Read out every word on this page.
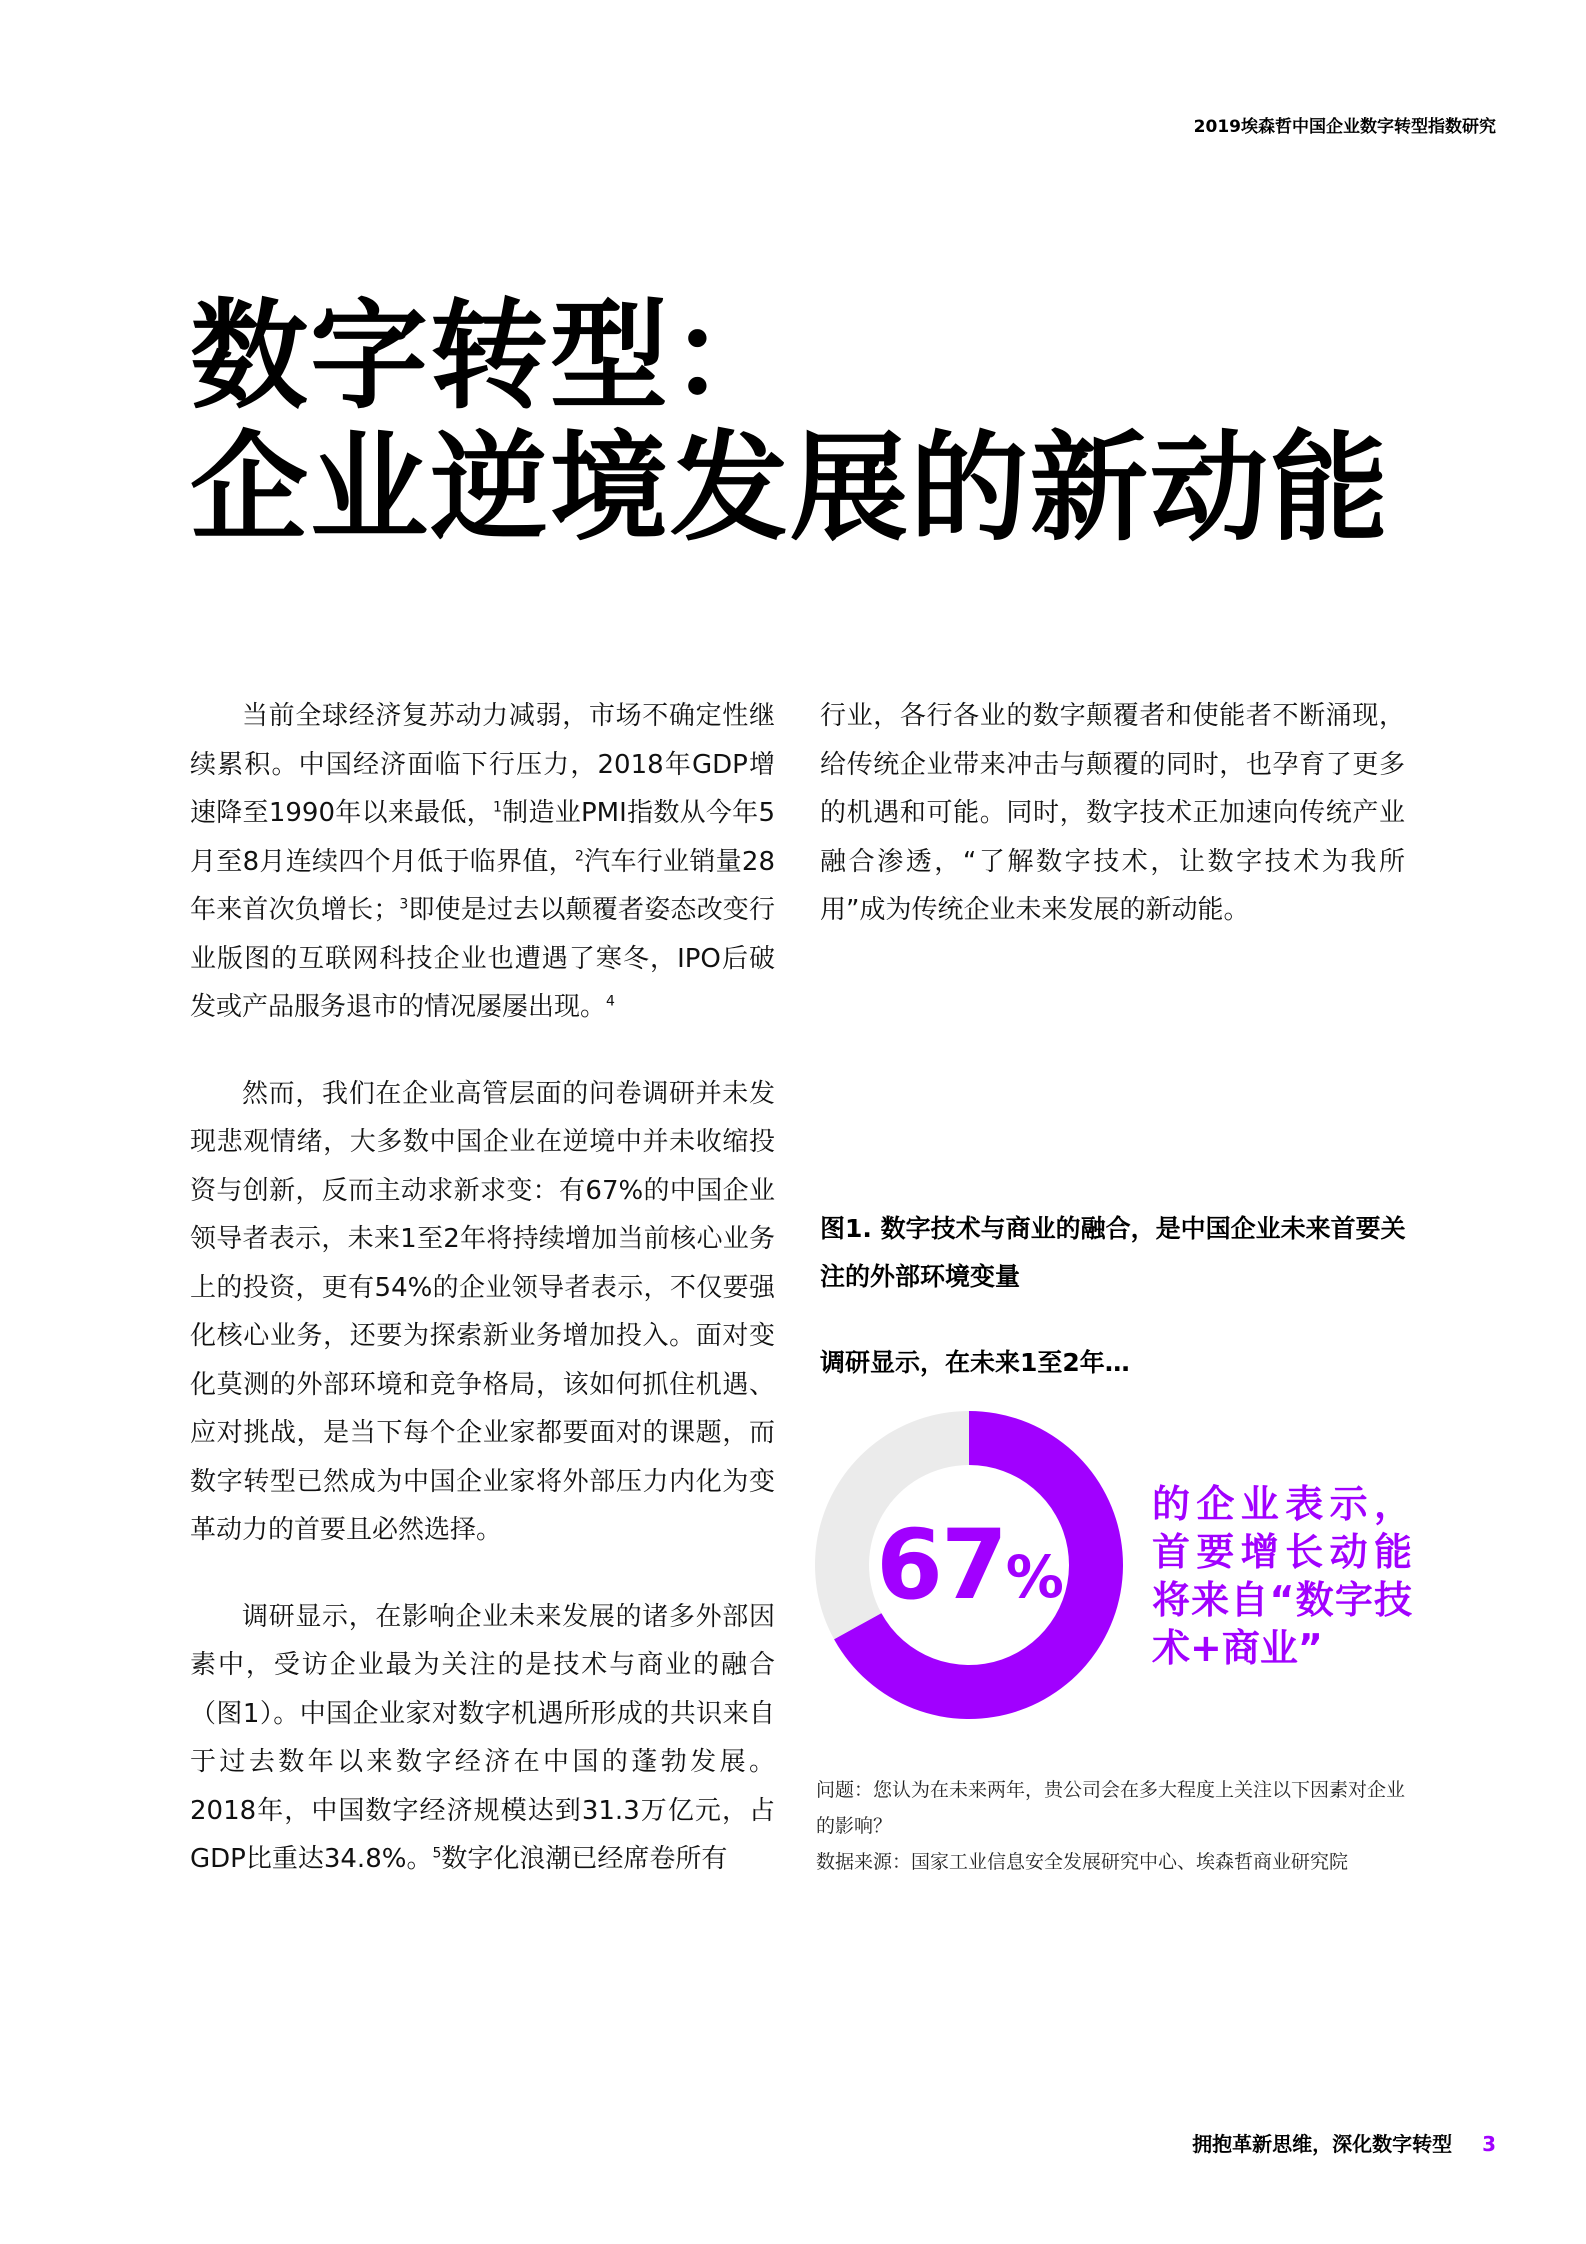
2019埃森哲中国企业数字转型指数研究
数字转型：
企业逆境发展的新动能

当前全球经济复苏动力减弱，市场不确定性继续累积。中国经济面临下行压力，2018年GDP增速降至1990年以来最低，$^1$制造业PMI指数从今年5月至8月连续四个月低于临界值，$^2$汽车行业销量28年来首次负增长；$^3$即使是过去以颠覆者姿态改变行业版图的互联网科技企业也遭遇了寒冬，IPO后破发或产品服务退市的情况屡屡出现。$^4$

然而，我们在企业高管层面的问卷调研并未发现悲观情绪，大多数中国企业在逆境中并未收缩投资与创新，反而主动求新求变：有67%的中国企业领导者表示，未来1至2年将持续增加当前核心业务上的投资，更有54%的企业领导者表示，不仅要强化核心业务，还要为探索新业务增加投入。面对变化莫测的外部环境和竞争格局，该如何抓住机遇、应对挑战，是当下每个企业家都要面对的课题，而数字转型已然成为中国企业家将外部压力内化为变革动力的首要且必然选择。

调研显示，在影响企业未来发展的诸多外部因素中，受访企业最为关注的是技术与商业的融合（图1）。中国企业家对数字机遇所形成的共识来自于过去数年以来数字经济在中国的蓬勃发展。2018年，中国数字经济规模达到31.3万亿元，占GDP比重达34.8%。$^5$数字化浪潮已经席卷所有

行业，各行各业的数字颠覆者和使能者不断涌现，给传统企业带来冲击与颠覆的同时，也孕育了更多的机遇和可能。同时，数字技术正加速向传统产业融合渗透，“了解数字技术，让数字技术为我所用”成为传统企业未来发展的新动能。

图1. 数字技术与商业的融合，是中国企业未来首要关注的外部环境变量
调研显示，在未来1至2年…
67 %
的企业表示，首要增长动能将来自“数字技术+商业”
问题：您认为在未来两年，贵公司会在多大程度上关注以下因素对企业的影响？
数据来源：国家工业信息安全发展研究中心、埃森哲商业研究院
拥抱革新思维，深化数字转型 3
